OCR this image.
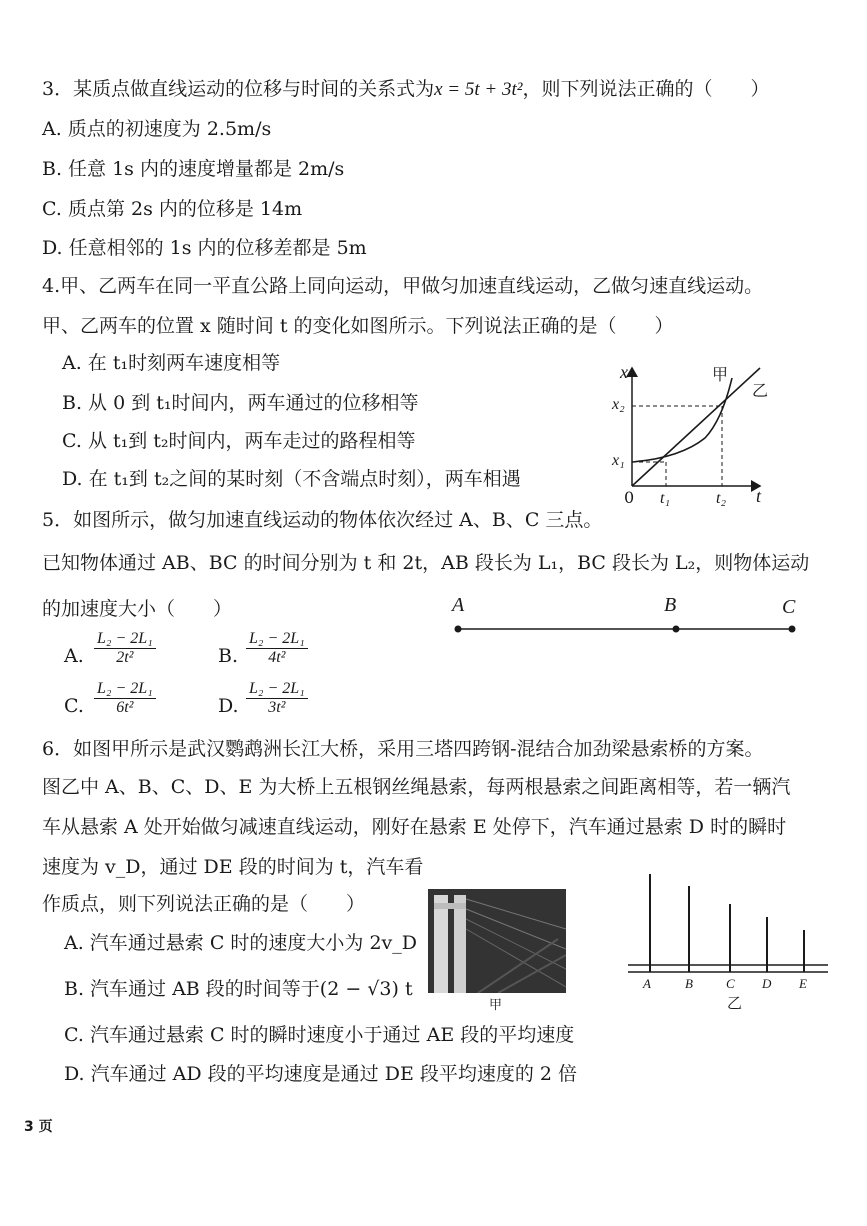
3．某质点做直线运动的位移与时间的关系式为x = 5t + 3t²，则下列说法正确的（　　）
A. 质点的初速度为 2.5m/s
B. 任意 1s 内的速度增量都是 2m/s
C. 质点第 2s 内的位移是 14m
D. 任意相邻的 1s 内的位移差都是 5m
4.甲、乙两车在同一平直公路上同向运动，甲做匀加速直线运动，乙做匀速直线运动。
甲、乙两车的位置 x 随时间 t 的变化如图所示。下列说法正确的是（　　）
A. 在 t₁时刻两车速度相等
B. 从 0 到 t₁时间内，两车通过的位移相等
C. 从 t₁到 t₂时间内，两车走过的路程相等
D. 在 t₁到 t₂之间的某时刻（不含端点时刻），两车相遇
x	甲
乙
x₂
x₁
0 t₁	t₂ t
5．如图所示，做匀加速直线运动的物体依次经过 A、B、C 三点。
已知物体通过 AB、BC 的时间分别为 t 和 2t，AB 段长为 L₁，BC 段长为 L₂，则物体运动
的加速度大小（　　）	A	B	C
A. $\frac{\text{L₂ − 2L₁}}{\text{2t²}}$	B. $\frac{\text{L₂ − 2L₁}}{\text{4t²}}$
C. $\frac{\text{L₂ − 2L₁}}{\text{6t²}}$	D. $\frac{\text{L₂ − 2L₁}}{\text{3t²}}$
6．如图甲所示是武汉鹦鹉洲长江大桥，采用三塔四跨钢-混结合加劲梁悬索桥的方案。
图乙中 A、B、C、D、E 为大桥上五根钢丝绳悬索，每两根悬索之间距离相等，若一辆汽
车从悬索 A 处开始做匀减速直线运动，刚好在悬索 E 处停下，汽车通过悬索 D 时的瞬时
速度为 v_D，通过 DE 段的时间为 t，汽车看
作质点，则下列说法正确的是（　　）
A. 汽车通过悬索 C 时的速度大小为 2v_D
B. 汽车通过 AB 段的时间等于(2 − √3) t
C. 汽车通过悬索 C 时的瞬时速度小于通过 AE 段的平均速度
D. 汽车通过 AD 段的平均速度是通过 DE 段平均速度的 2 倍
甲
A	B	C D E
乙
3 页
